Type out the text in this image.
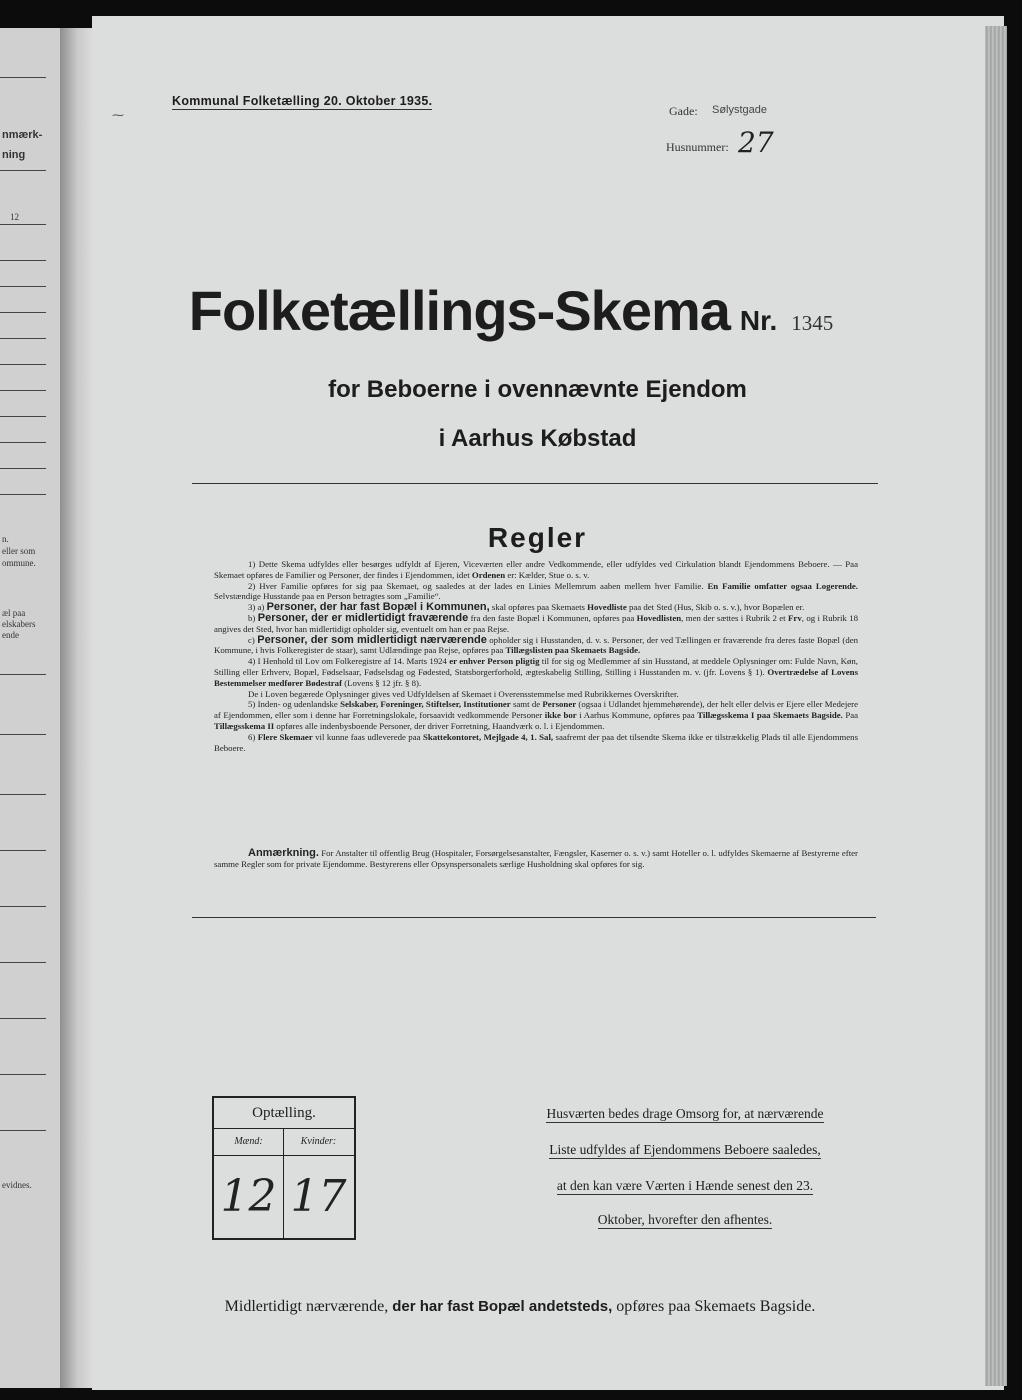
nmærk-
ning
12
n.
eller som
ommune.
æl paa
elskabers
ende
evidnes.
⁓
Kommunal Folketælling 20. Oktober 1935.
Gade: Sølystgade
Husnummer: 27
Folketællings-Skema Nr. 1345
for Beboerne i ovennævnte Ejendom
i Aarhus Købstad
Regler

1) Dette Skema udfyldes eller besørges udfyldt af Ejeren, Viceværten eller andre Vedkommende, eller udfyldes ved Cirkulation blandt Ejendommens Beboere. — Paa Skemaet opføres de Familier og Personer, der findes i Ejendommen, idet Ordenen er: Kælder, Stue o. s. v.

2) Hver Familie opføres for sig paa Skemaet, og saaledes at der lades en Linies Mellemrum aaben mellem hver Familie. En Familie omfatter ogsaa Logerende. Selvstændige Husstande paa en Person betragtes som „Familie“.

3) a) Personer, der har fast Bopæl i Kommunen, skal opføres paa Skemaets Hovedliste paa det Sted (Hus, Skib o. s. v.), hvor Bopælen er.

b) Personer, der er midlertidigt fraværende fra den faste Bopæl i Kommunen, opføres paa Hovedlisten, men der sættes i Rubrik 2 et Frv, og i Rubrik 18 angives det Sted, hvor han midlertidigt opholder sig, eventuelt om han er paa Rejse.

c) Personer, der som midlertidigt nærværende opholder sig i Husstanden, d. v. s. Personer, der ved Tællingen er fraværende fra deres faste Bopæl (den Kommune, i hvis Folkeregister de staar), samt Udlændinge paa Rejse, opføres paa Tillægslisten paa Skemaets Bagside.

4) I Henhold til Lov om Folkeregistre af 14. Marts 1924 er enhver Person pligtig til for sig og Medlemmer af sin Husstand, at meddele Oplysninger om: Fulde Navn, Køn, Stilling eller Erhverv, Bopæl, Fødselsaar, Fødselsdag og Fødested, Statsborgerforhold, ægteskabelig Stilling, Stilling i Husstanden m. v. (jfr. Lovens § 1). Overtrædelse af Lovens Bestemmelser medfører Bødestraf (Lovens § 12 jfr. § 8).

De i Loven begærede Oplysninger gives ved Udfyldelsen af Skemaet i Overensstemmelse med Rubrikkernes Overskrifter.

5) Inden- og udenlandske Selskaber, Foreninger, Stiftelser, Institutioner samt de Personer (ogsaa i Udlandet hjemmehørende), der helt eller delvis er Ejere eller Medejere af Ejendommen, eller som i denne har Forretningslokale, forsaavidt vedkommende Personer ikke bor i Aarhus Kommune, opføres paa Tillægsskema I paa Skemaets Bagside. Paa Tillægsskema II opføres alle indenbysboende Personer, der driver Forretning, Haandværk o. l. i Ejendommen.

6) Flere Skemaer vil kunne faas udleverede paa Skattekontoret, Mejlgade 4, 1. Sal, saafremt der paa det tilsendte Skema ikke er tilstrækkelig Plads til alle Ejendommens Beboere.

Anmærkning. For Anstalter til offentlig Brug (Hospitaler, Forsørgelsesanstalter, Fængsler, Kaserner o. s. v.) samt Hoteller o. l. udfyldes Skemaerne af Bestyrerne efter samme Regler som for private Ejendomme. Bestyrerens eller Opsynspersonalets særlige Husholdning skal opføres for sig.

Optælling.
Mænd:	Kvinder:
12 17
Husværten bedes drage Omsorg for, at nærværende
Liste udfyldes af Ejendommens Beboere saaledes,
at den kan være Værten i Hænde senest den 23.
Oktober, hvorefter den afhentes.
Midlertidigt nærværende, der har fast Bopæl andetsteds, opføres paa Skemaets Bagside.
